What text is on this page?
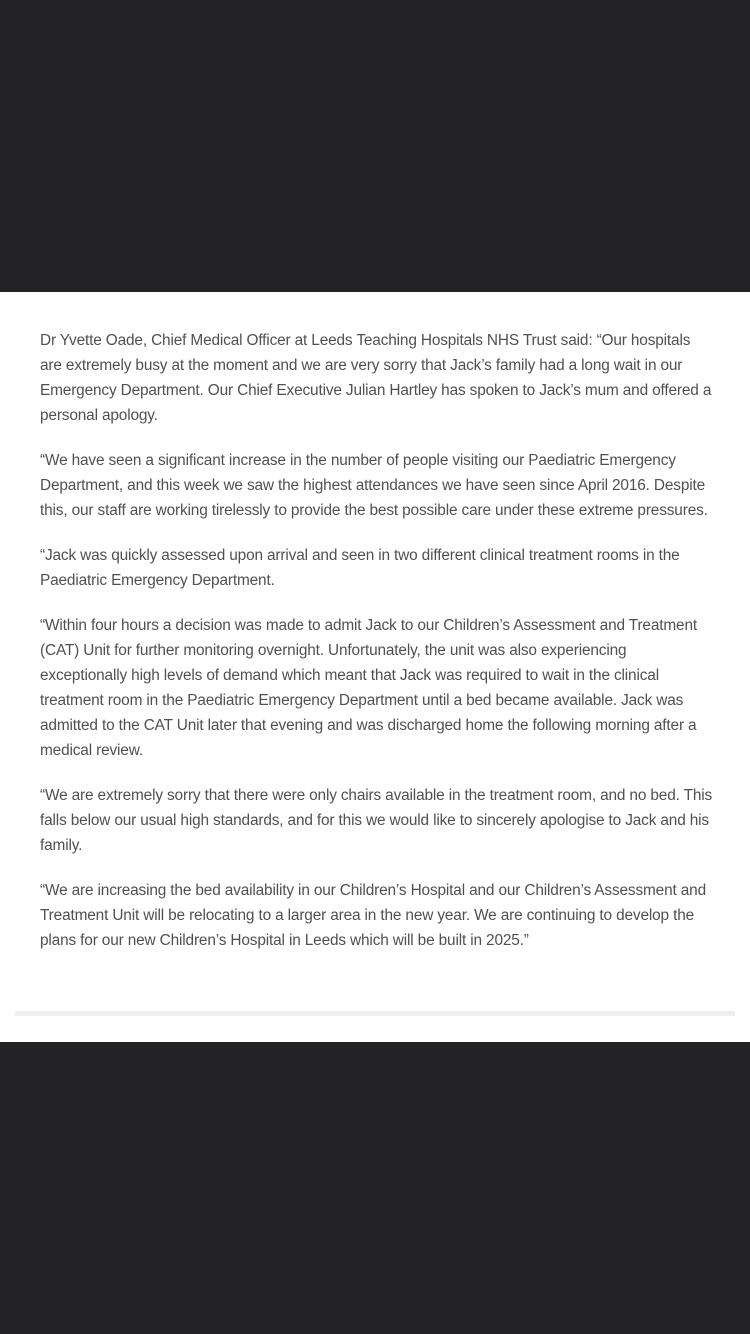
Dr Yvette Oade, Chief Medical Officer at Leeds Teaching Hospitals NHS Trust said: “Our hospitals are extremely busy at the moment and we are very sorry that Jack’s family had a long wait in our Emergency Department. Our Chief Executive Julian Hartley has spoken to Jack’s mum and offered a personal apology.

“We have seen a significant increase in the number of people visiting our Paediatric Emergency Department, and this week we saw the highest attendances we have seen since April 2016. Despite this, our staff are working tirelessly to provide the best possible care under these extreme pressures.

“Jack was quickly assessed upon arrival and seen in two different clinical treatment rooms in the Paediatric Emergency Department.

“Within four hours a decision was made to admit Jack to our Children’s Assessment and Treatment (CAT) Unit for further monitoring overnight. Unfortunately, the unit was also experiencing exceptionally high levels of demand which meant that Jack was required to wait in the clinical treatment room in the Paediatric Emergency Department until a bed became available. Jack was admitted to the CAT Unit later that evening and was discharged home the following morning after a medical review.

“We are extremely sorry that there were only chairs available in the treatment room, and no bed. This falls below our usual high standards, and for this we would like to sincerely apologise to Jack and his family.

“We are increasing the bed availability in our Children’s Hospital and our Children’s Assessment and Treatment Unit will be relocating to a larger area in the new year. We are continuing to develop the plans for our new Children’s Hospital in Leeds which will be built in 2025.”
